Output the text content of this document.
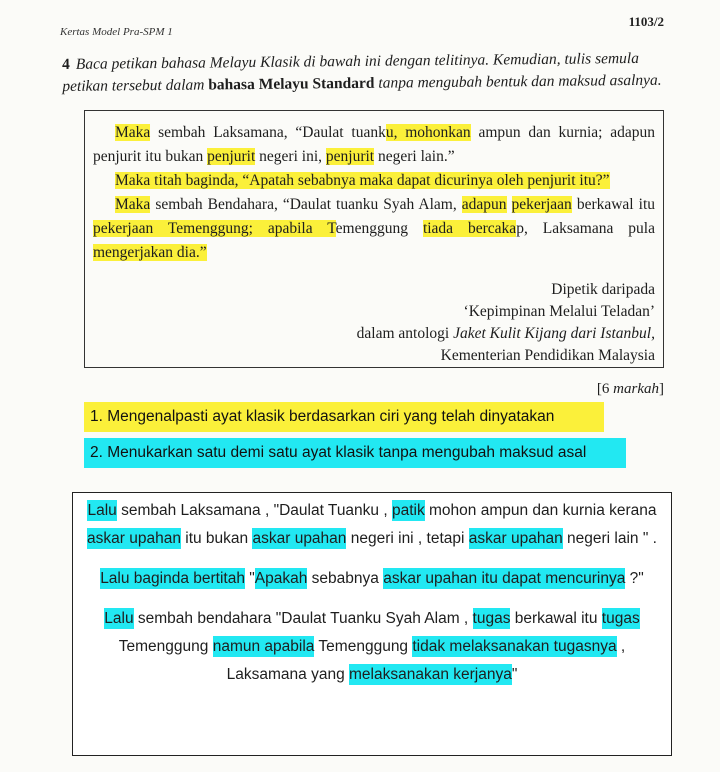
Kertas Model Pra-SPM 1
1103/2
4 Baca petikan bahasa Melayu Klasik di bawah ini dengan telitinya. Kemudian, tulis semula petikan tersebut dalam bahasa Melayu Standard tanpa mengubah bentuk dan maksud asalnya.

Maka sembah Laksamana, “Daulat tuanku, mohonkan ampun dan kurnia; adapun penjurit itu bukan penjurit negeri ini, penjurit negeri lain.”

Maka titah baginda, “Apatah sebabnya maka dapat dicurinya oleh penjurit itu?”

Maka sembah Bendahara, “Daulat tuanku Syah Alam, adapun pekerjaan berkawal itu pekerjaan Temenggung; apabila Temenggung tiada bercakap, Laksamana pula mengerjakan dia.”

Dipetik daripada
‘Kepimpinan Melalui Teladan’
dalam antologi Jaket Kulit Kijang dari Istanbul,
Kementerian Pendidikan Malaysia
[6 markah]
1. Mengenalpasti ayat klasik berdasarkan ciri yang telah dinyatakan
2. Menukarkan satu demi satu ayat klasik tanpa mengubah maksud asal

Lalu sembah Laksamana , "Daulat Tuanku , patik mohon ampun dan kurnia kerana askar upahan itu bukan askar upahan negeri ini , tetapi askar upahan negeri lain " .

Lalu baginda bertitah "Apakah sebabnya askar upahan itu dapat mencurinya ?"

Lalu sembah bendahara "Daulat Tuanku Syah Alam , tugas berkawal itu tugas Temenggung namun apabila Temenggung tidak melaksanakan tugasnya , Laksamana yang melaksanakan kerjanya"
